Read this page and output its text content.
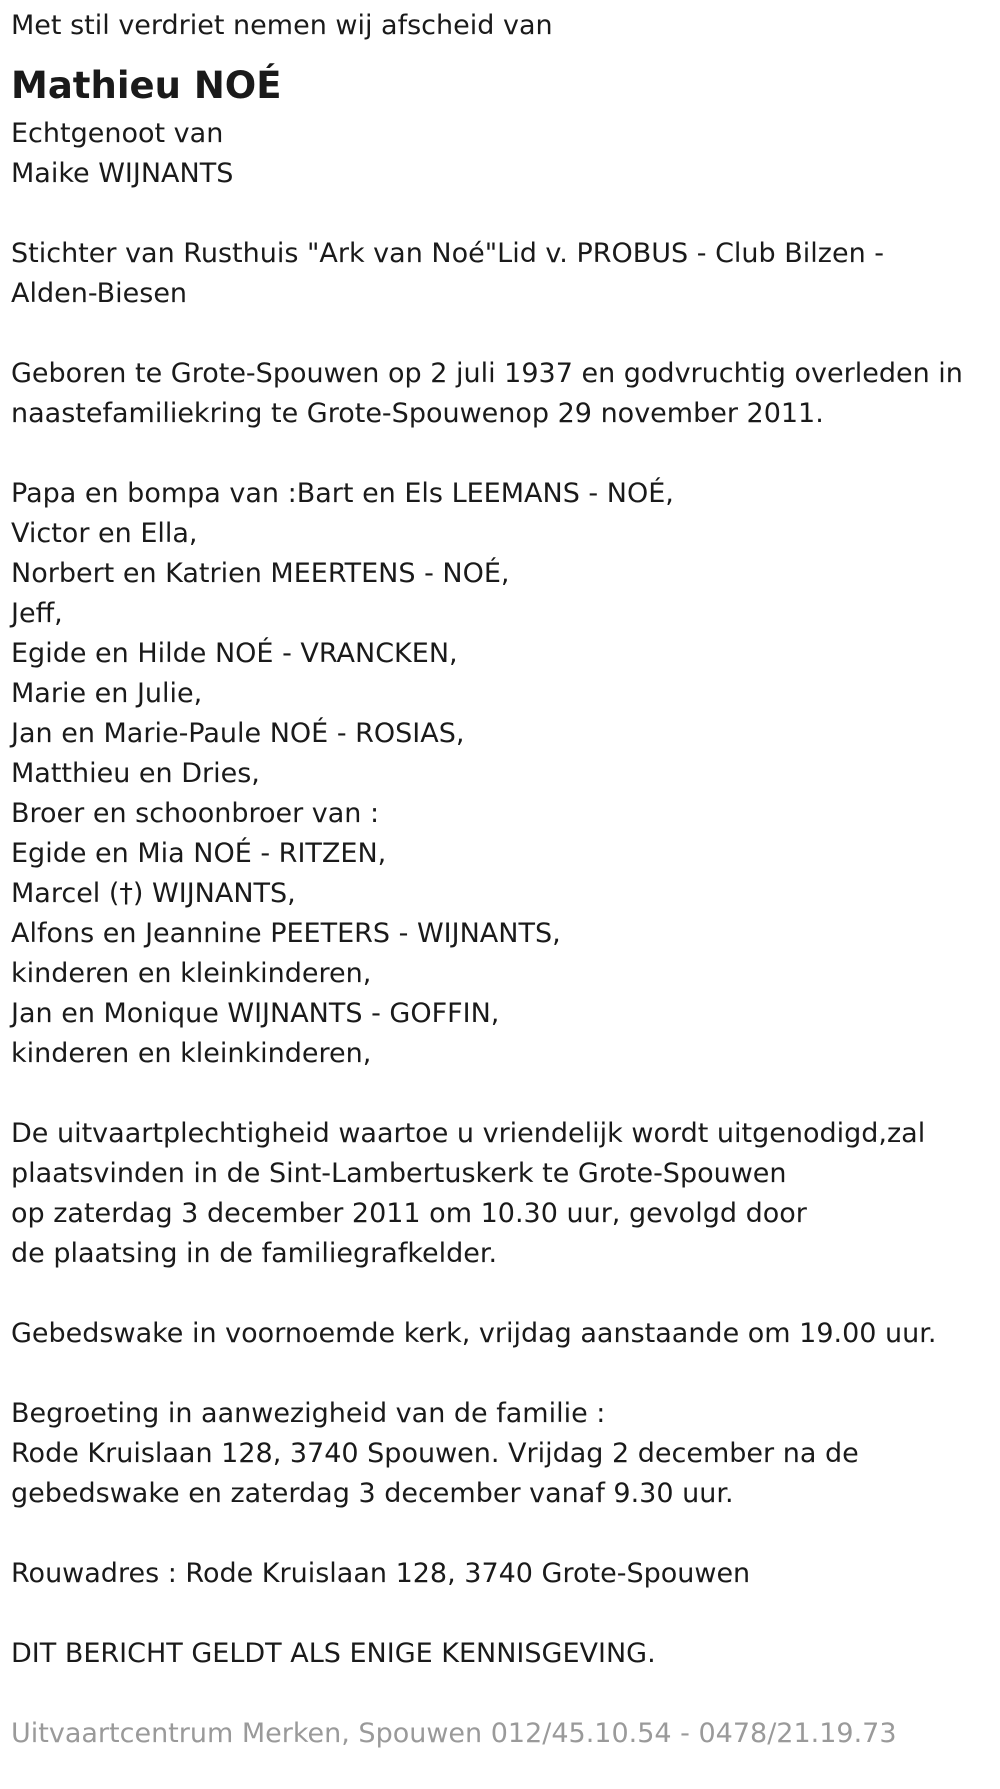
Met stil verdriet nemen wij afscheid van
Mathieu NOÉ
Echtgenoot van
Maike WIJNANTS
Stichter van Rusthuis "Ark van Noé"Lid v. PROBUS - Club Bilzen - Alden-Biesen
Geboren te Grote-Spouwen op 2 juli 1937 en godvruchtig overleden in
naastefamiliekring te Grote-Spouwenop 29 november 2011.
Papa en bompa van :Bart en Els LEEMANS - NOÉ,
Victor en Ella,
Norbert en Katrien MEERTENS - NOÉ,
Jeff,
Egide en Hilde NOÉ - VRANCKEN,
Marie en Julie,
Jan en Marie-Paule NOÉ - ROSIAS,
Matthieu en Dries,
Broer en schoonbroer van :
Egide en Mia NOÉ - RITZEN,
Marcel (†) WIJNANTS,
Alfons en Jeannine PEETERS - WIJNANTS,
kinderen en kleinkinderen,
Jan en Monique WIJNANTS - GOFFIN,
kinderen en kleinkinderen,
De uitvaartplechtigheid waartoe u vriendelijk wordt uitgenodigd,zal
plaatsvinden in de Sint-Lambertuskerk te Grote-Spouwen
op zaterdag 3 december 2011 om 10.30 uur, gevolgd door
de plaatsing in de familiegrafkelder.
Gebedswake in voornoemde kerk, vrijdag aanstaande om 19.00 uur.
Begroeting in aanwezigheid van de familie :
Rode Kruislaan 128, 3740 Spouwen. Vrijdag 2 december na de
gebedswake en zaterdag 3 december vanaf 9.30 uur.
Rouwadres : Rode Kruislaan 128, 3740 Grote-Spouwen
DIT BERICHT GELDT ALS ENIGE KENNISGEVING.
Uitvaartcentrum Merken, Spouwen 012/45.10.54 - 0478/21.19.73
